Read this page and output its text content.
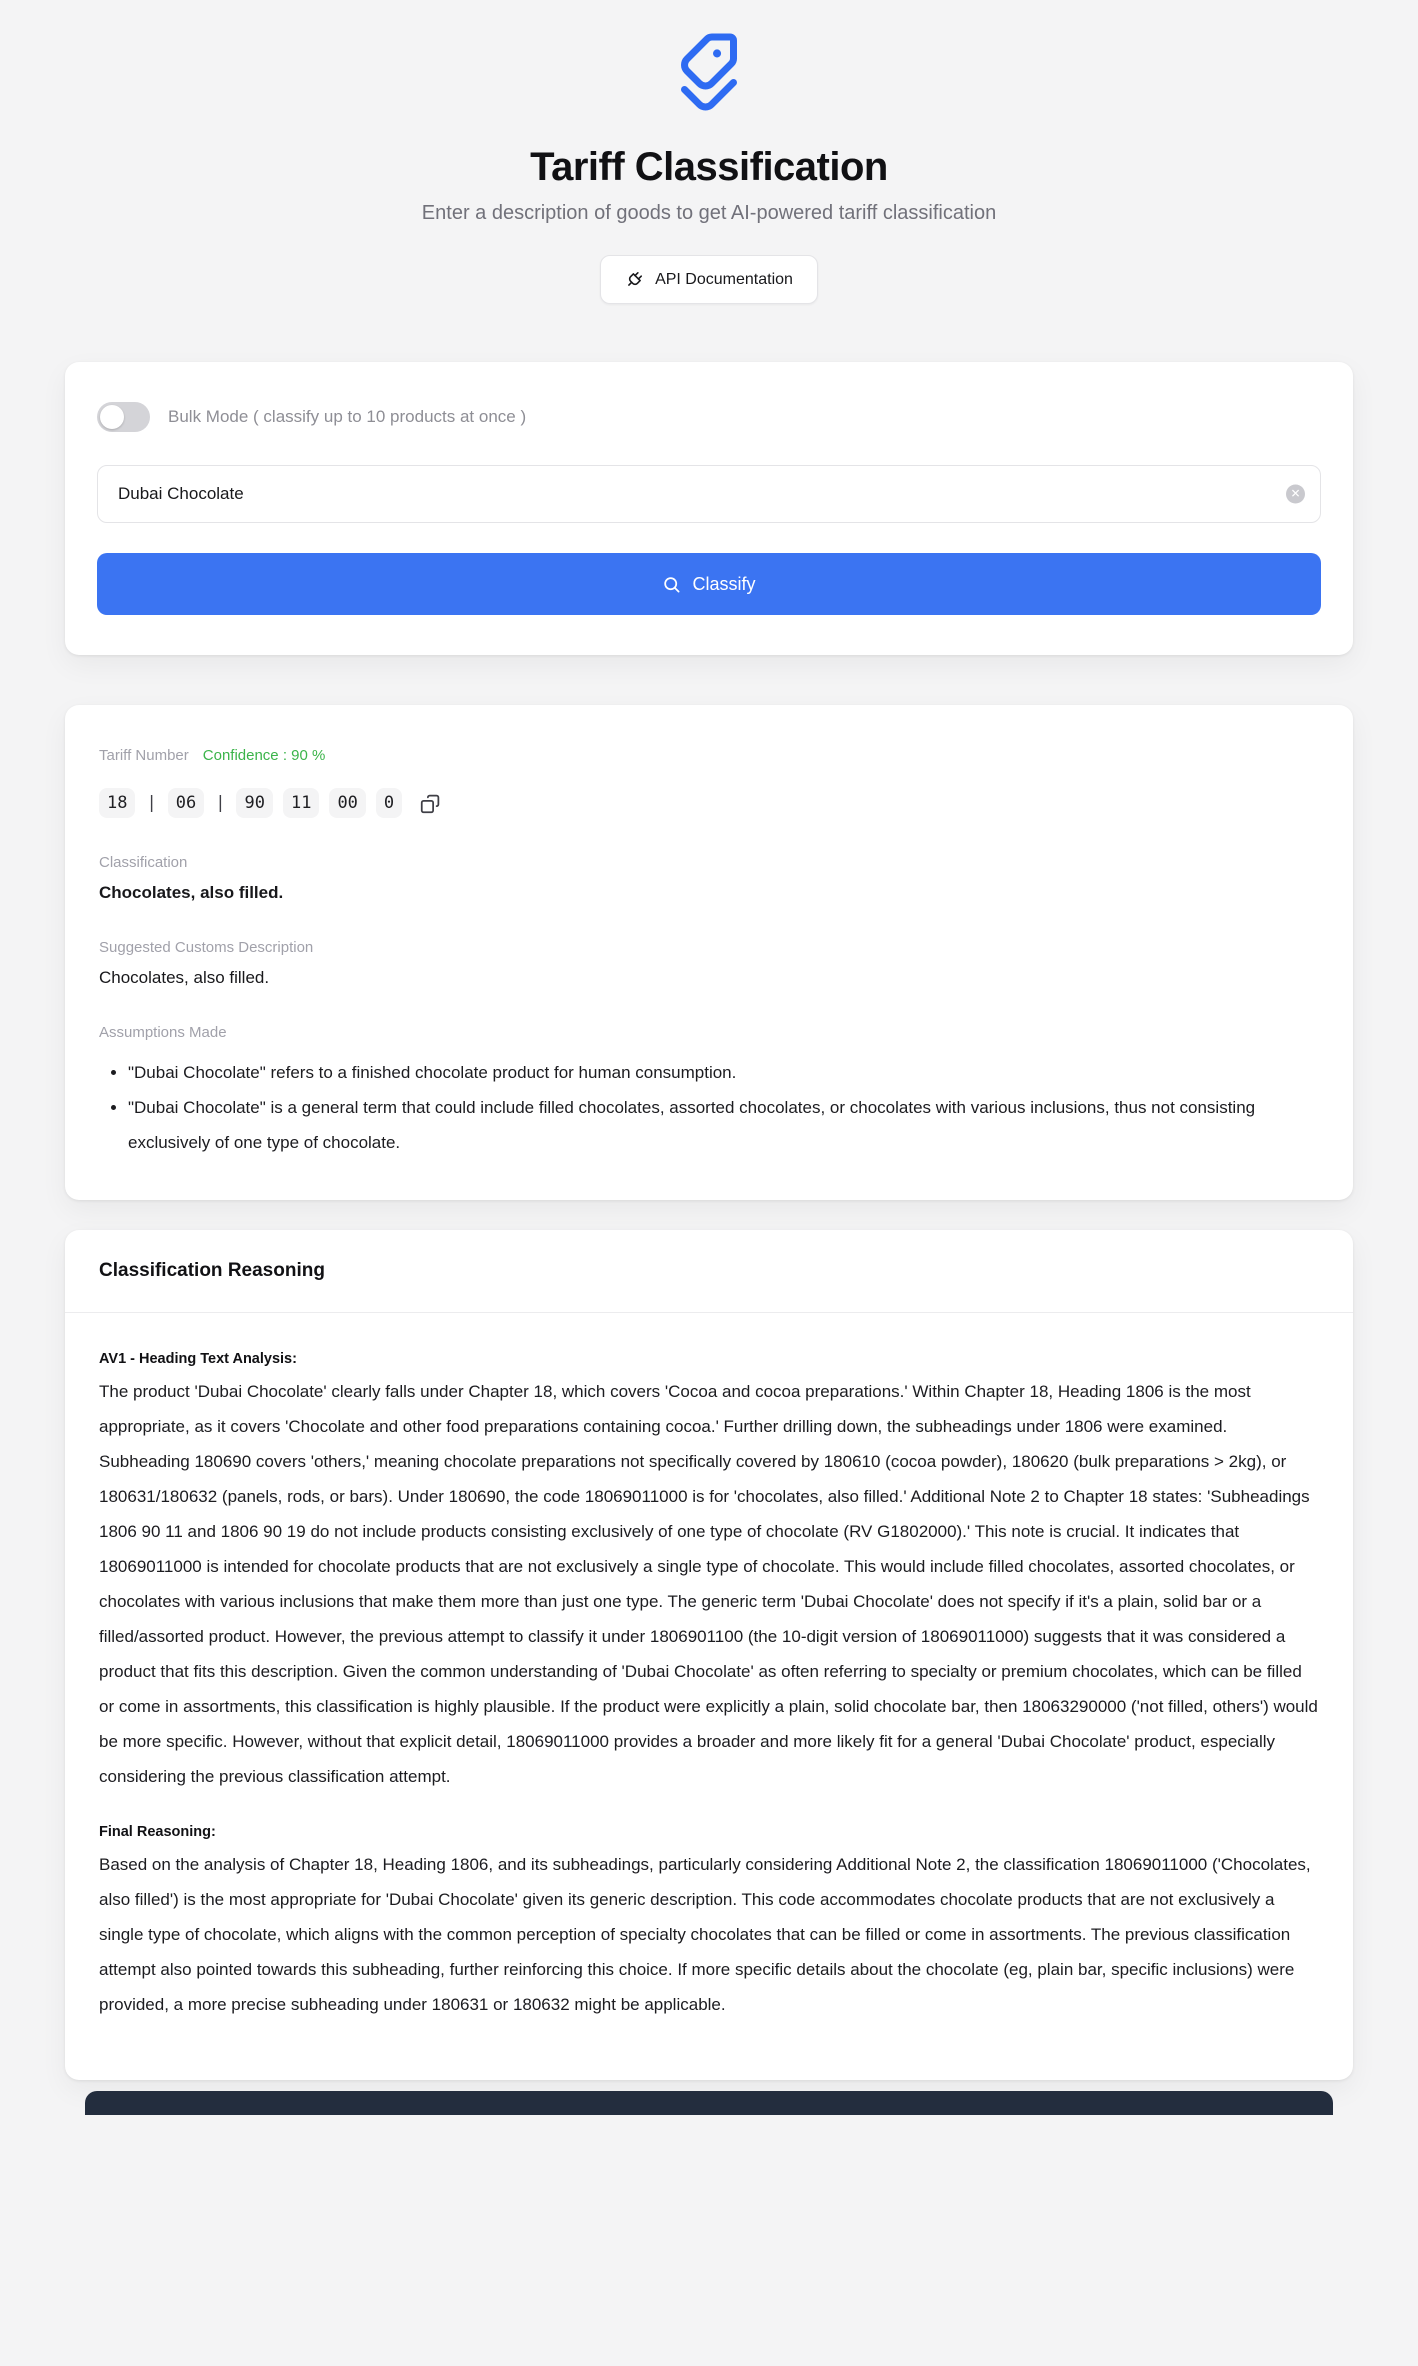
Tariff Classification

Enter a description of goods to get AI-powered tariff classification

API Documentation
Bulk Mode ( classify up to 10 products at once )
Dubai Chocolate
✕
Classify
Tariff Number Confidence : 90 %
18	|	06	|	90	11	00	0
Classification
Chocolates, also filled.
Suggested Customs Description
Chocolates, also filled.
Assumptions Made
• "Dubai Chocolate" refers to a finished chocolate product for human consumption.
• "Dubai Chocolate" is a general term that could include filled chocolates, assorted chocolates, or chocolates with various inclusions, thus not consisting exclusively of one type of chocolate.
Classification Reasoning
AV1 - Heading Text Analysis:

The product 'Dubai Chocolate' clearly falls under Chapter 18, which covers 'Cocoa and cocoa preparations.' Within Chapter 18, Heading 1806 is the most appropriate, as it covers 'Chocolate and other food preparations containing cocoa.' Further drilling down, the subheadings under 1806 were examined. Subheading 180690 covers 'others,' meaning chocolate preparations not specifically covered by 180610 (cocoa powder), 180620 (bulk preparations > 2kg), or 180631/180632 (panels, rods, or bars). Under 180690, the code 18069011000 is for 'chocolates, also filled.' Additional Note 2 to Chapter 18 states: 'Subheadings 1806 90 11 and 1806 90 19 do not include products consisting exclusively of one type of chocolate (RV G1802000).' This note is crucial. It indicates that 18069011000 is intended for chocolate products that are not exclusively a single type of chocolate. This would include filled chocolates, assorted chocolates, or chocolates with various inclusions that make them more than just one type. The generic term 'Dubai Chocolate' does not specify if it's a plain, solid bar or a filled/assorted product. However, the previous attempt to classify it under 1806901100 (the 10-digit version of 18069011000) suggests that it was considered a product that fits this description. Given the common understanding of 'Dubai Chocolate' as often referring to specialty or premium chocolates, which can be filled or come in assortments, this classification is highly plausible. If the product were explicitly a plain, solid chocolate bar, then 18063290000 ('not filled, others') would be more specific. However, without that explicit detail, 18069011000 provides a broader and more likely fit for a general 'Dubai Chocolate' product, especially considering the previous classification attempt.

Final Reasoning:

Based on the analysis of Chapter 18, Heading 1806, and its subheadings, particularly considering Additional Note 2, the classification 18069011000 ('Chocolates, also filled') is the most appropriate for 'Dubai Chocolate' given its generic description. This code accommodates chocolate products that are not exclusively a single type of chocolate, which aligns with the common perception of specialty chocolates that can be filled or come in assortments. The previous classification attempt also pointed towards this subheading, further reinforcing this choice. If more specific details about the chocolate (eg, plain bar, specific inclusions) were provided, a more precise subheading under 180631 or 180632 might be applicable.
